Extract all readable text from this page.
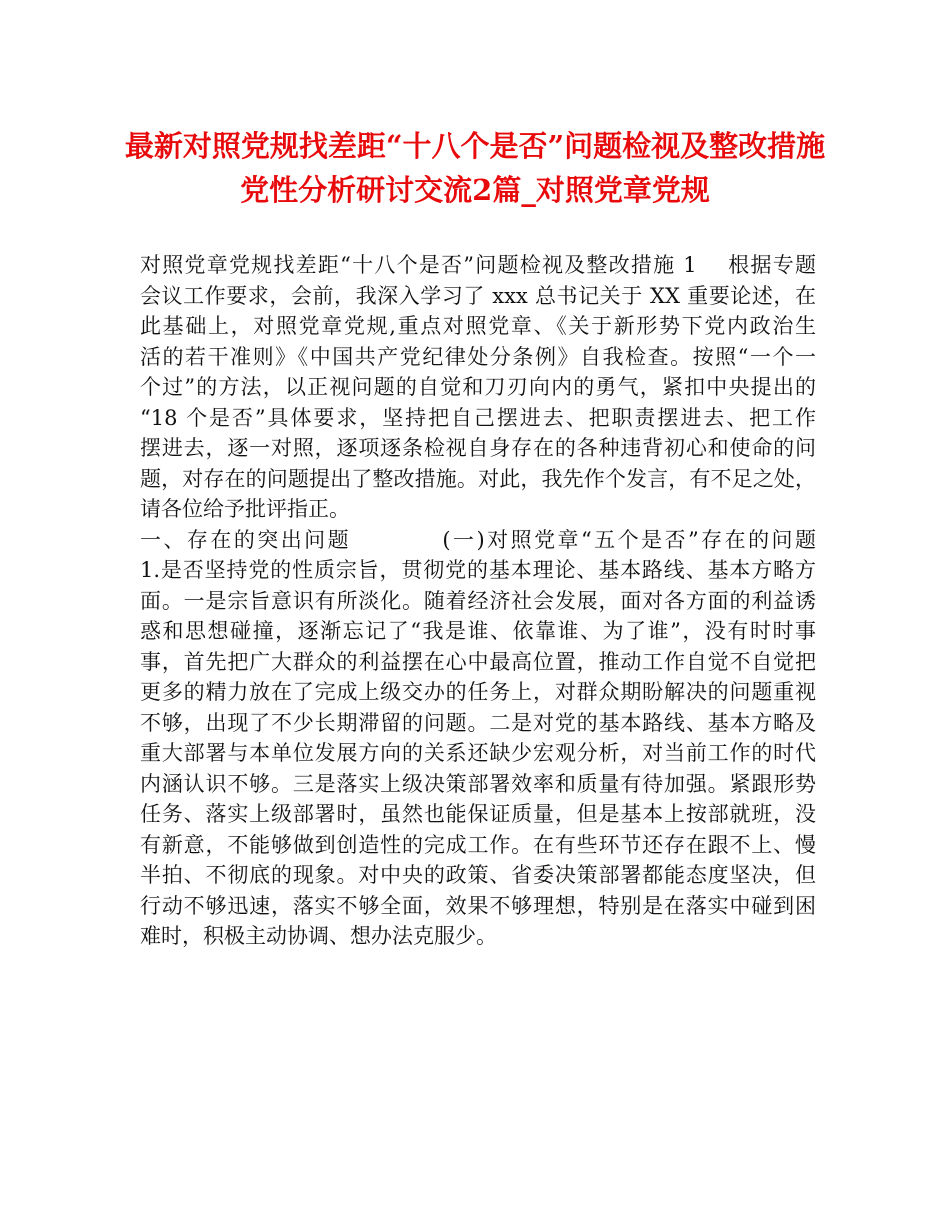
最新对照党规找差距“十八个是否”问题检视及整改措施党性分析研讨交流2篇_对照党章党规
对照党章党规找差距“十八个是否”问题检视及整改措施 1    根据专题
会议工作要求，会前，我深入学习了 xxx 总书记关于 XX 重要论述，在
此基础上，对照党章党规,重点对照党章、《关于新形势下党内政治生
活的若干准则》《中国共产党纪律处分条例》自我检查。按照“一个一
个过”的方法，以正视问题的自觉和刀刃向内的勇气，紧扣中央提出的
“18 个是否”具体要求，坚持把自己摆进去、把职责摆进去、把工作
摆进去，逐一对照，逐项逐条检视自身存在的各种违背初心和使命的问
题，对存在的问题提出了整改措施。对此，我先作个发言，有不足之处，
请各位给予批评指正。
一、存在的突出问题          (一)对照党章“五个是否”存在的问题
1.是否坚持党的性质宗旨，贯彻党的基本理论、基本路线、基本方略方
面。一是宗旨意识有所淡化。随着经济社会发展，面对各方面的利益诱
惑和思想碰撞，逐渐忘记了“我是谁、依靠谁、为了谁”，没有时时事
事，首先把广大群众的利益摆在心中最高位置，推动工作自觉不自觉把
更多的精力放在了完成上级交办的任务上，对群众期盼解决的问题重视
不够，出现了不少长期滞留的问题。二是对党的基本路线、基本方略及
重大部署与本单位发展方向的关系还缺少宏观分析，对当前工作的时代
内涵认识不够。三是落实上级决策部署效率和质量有待加强。紧跟形势
任务、落实上级部署时，虽然也能保证质量，但是基本上按部就班，没
有新意，不能够做到创造性的完成工作。在有些环节还存在跟不上、慢
半拍、不彻底的现象。对中央的政策、省委决策部署都能态度坚决，但
行动不够迅速，落实不够全面，效果不够理想，特别是在落实中碰到困
难时，积极主动协调、想办法克服少。
